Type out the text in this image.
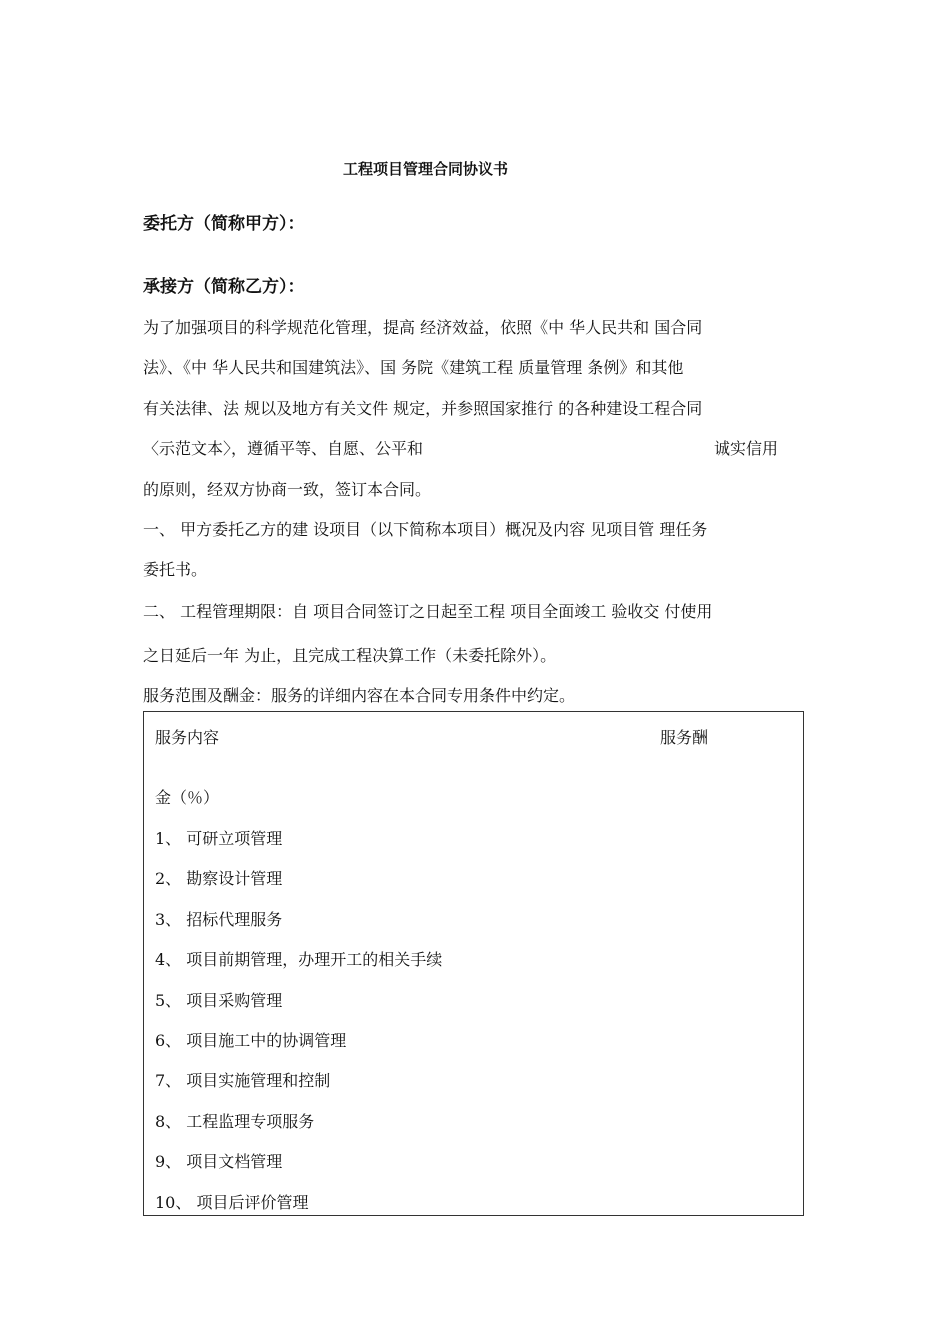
工程项目管理合同协议书
委托方（简称甲方）：
承接方（简称乙方）：
为了加强项目的科学规范化管理，提高 经济效益，依照《中 华人民共和 国合同
法》、《中 华人民共和国建筑法》、国 务院《建筑工程 质量管理 条例》和其他
有关法律、法 规以及地方有关文件 规定，并参照国家推行 的各种建设工程合同
〈示范文本〉，遵循平等、自愿、公平和	诚实信用
的原则，经双方协商一致，签订本合同。
一、 甲方委托乙方的建 设项目（以下简称本项目）概况及内容 见项目管 理任务
委托书。
二、 工程管理期限：自 项目合同签订之日起至工程 项目全面竣工 验收交 付使用
之日延后一年 为止，且完成工程决算工作（未委托除外）。
服务范围及酬金：服务的详细内容在本合同专用条件中约定。
服务内容	服务酬
金（％）
1、 可研立项管理
2、 勘察设计管理
3、 招标代理服务
4、 项目前期管理，办理开工的相关手续
5、 项目采购管理
6、 项目施工中的协调管理
7、 项目实施管理和控制
8、 工程监理专项服务
9、 项目文档管理
10、 项目后评价管理
